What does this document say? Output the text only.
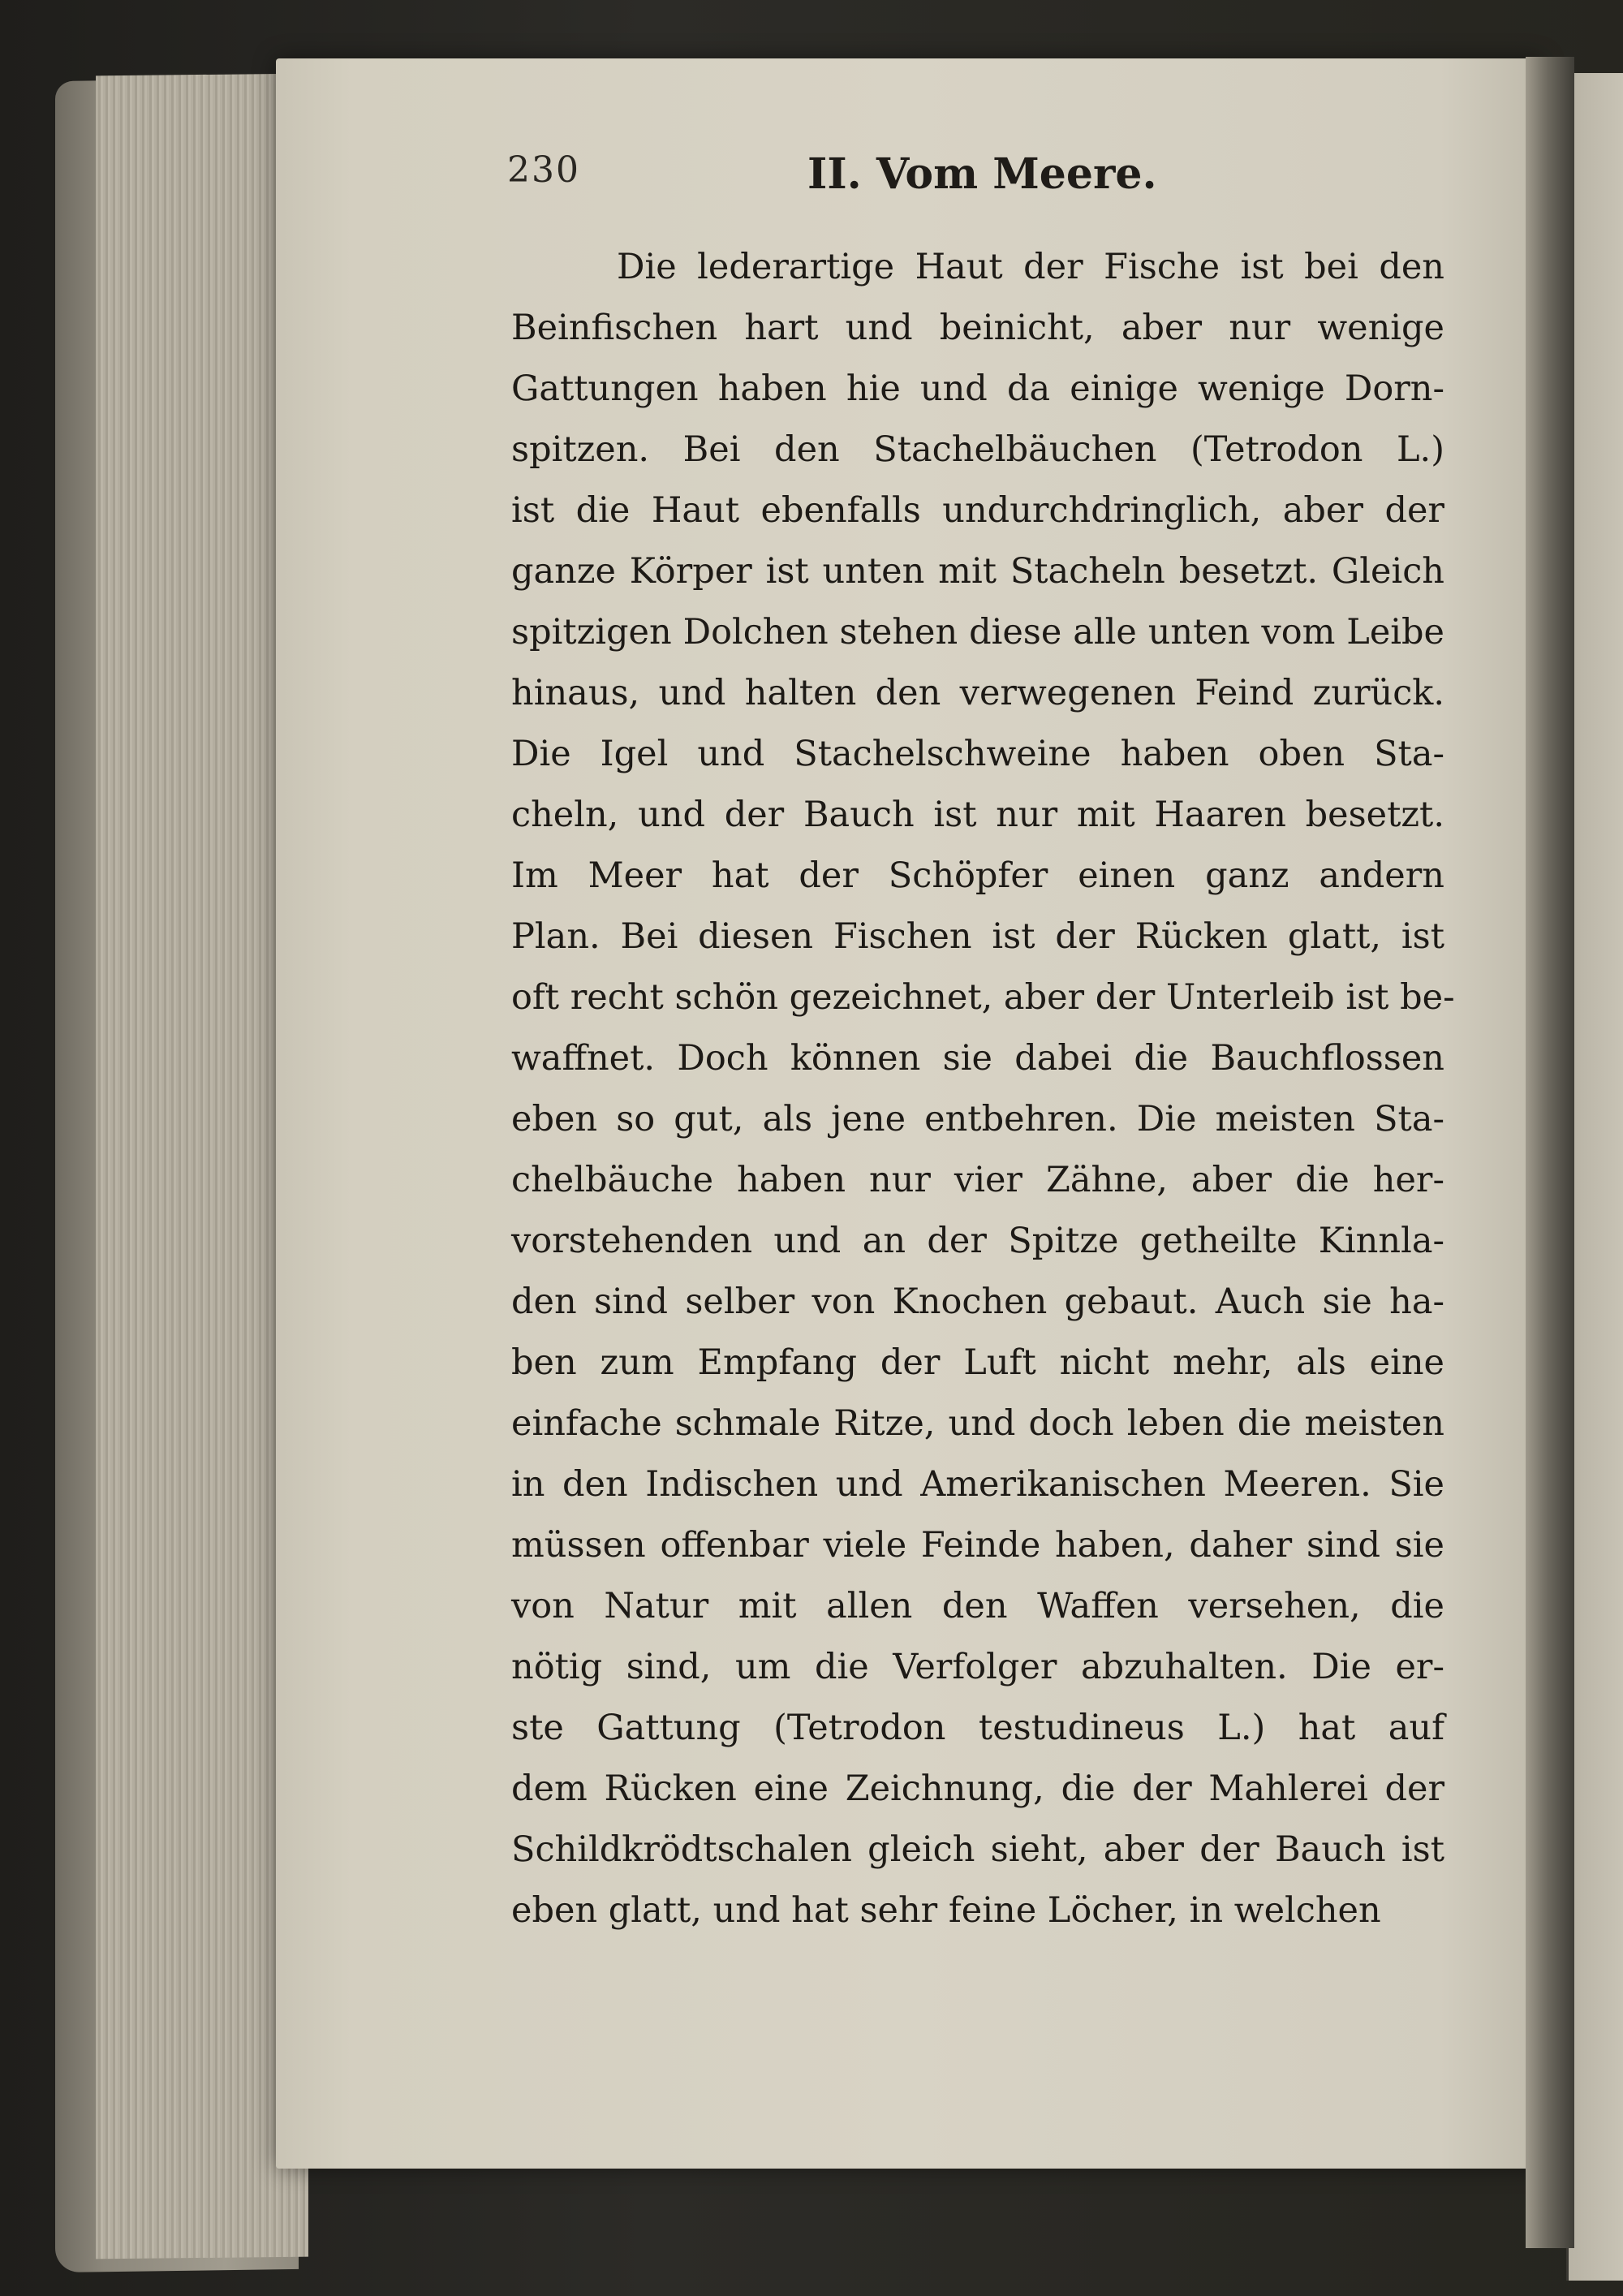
230	II. Vom Meere.
Die lederartige Haut der Fische ist bei den
Beinfischen hart und beinicht, aber nur wenige
Gattungen haben hie und da einige wenige Dorn-
spitzen. Bei den Stachelbäuchen (Tetrodon L.)
ist die Haut ebenfalls undurchdringlich, aber der
ganze Körper ist unten mit Stacheln besetzt. Gleich
spitzigen Dolchen stehen diese alle unten vom Leibe
hinaus, und halten den verwegenen Feind zurück.
Die Igel und Stachelschweine haben oben Sta-
cheln, und der Bauch ist nur mit Haaren besetzt.
Im Meer hat der Schöpfer einen ganz andern
Plan. Bei diesen Fischen ist der Rücken glatt, ist
oft recht schön gezeichnet, aber der Unterleib ist be-
waffnet. Doch können sie dabei die Bauchflossen
eben so gut, als jene entbehren. Die meisten Sta-
chelbäuche haben nur vier Zähne, aber die her-
vorstehenden und an der Spitze getheilte Kinnla-
den sind selber von Knochen gebaut. Auch sie ha-
ben zum Empfang der Luft nicht mehr, als eine
einfache schmale Ritze, und doch leben die meisten
in den Indischen und Amerikanischen Meeren. Sie
müssen offenbar viele Feinde haben, daher sind sie
von Natur mit allen den Waffen versehen, die
nötig sind, um die Verfolger abzuhalten. Die er-
ste Gattung (Tetrodon testudineus L.) hat auf
dem Rücken eine Zeichnung, die der Mahlerei der
Schildkrödtschalen gleich sieht, aber der Bauch ist
eben glatt, und hat sehr feine Löcher, in welchen
